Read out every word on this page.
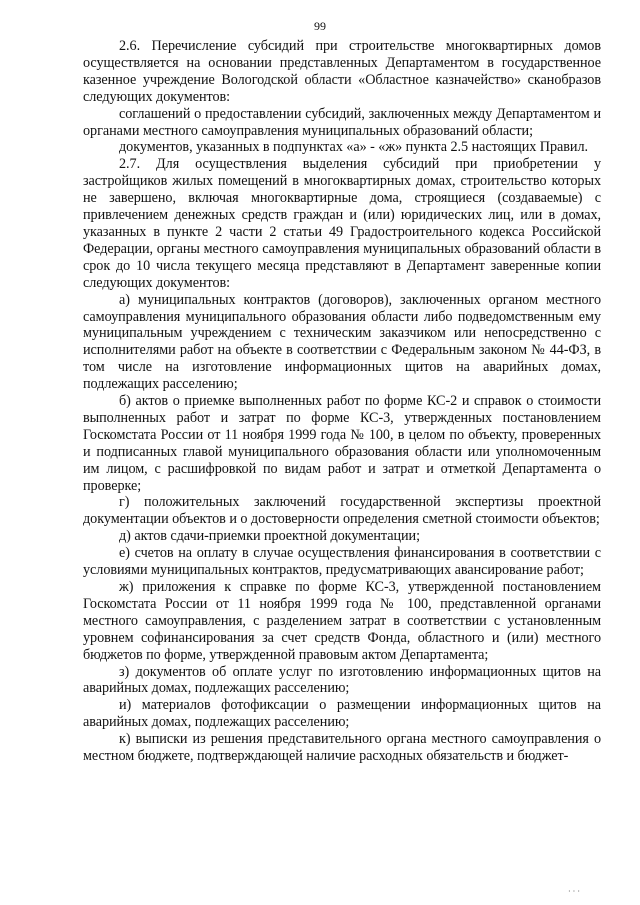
99

2.6. Перечисление субсидий при строительстве многоквартирных домов осуществляется на основании представленных Департаментом в государственное казенное учреждение Вологодской области «Областное казначейство» сканобразов следующих документов:

соглашений о предоставлении субсидий, заключенных между Департаментом и органами местного самоуправления муниципальных образований области;

документов, указанных в подпунктах «а» - «ж» пункта 2.5 настоящих Правил.

2.7. Для осуществления выделения субсидий при приобретении у застройщиков жилых помещений в многоквартирных домах, строительство которых не завершено, включая многоквартирные дома, строящиеся (создаваемые) с привлечением денежных средств граждан и (или) юридических лиц, или в домах, указанных в пункте 2 части 2 статьи 49 Градостроительного кодекса Российской Федерации, органы местного самоуправления муниципальных образований области в срок до 10 числа текущего месяца представляют в Департамент заверенные копии следующих документов:

а) муниципальных контрактов (договоров), заключенных органом местного самоуправления муниципального образования области либо подведомственным ему муниципальным учреждением с техническим заказчиком или непосредственно с исполнителями работ на объекте в соответствии с Федеральным законом № 44-ФЗ, в том числе на изготовление информационных щитов на аварийных домах, подлежащих расселению;

б) актов о приемке выполненных работ по форме КС-2 и справок о стоимости выполненных работ и затрат по форме КС-3, утвержденных постановлением Госкомстата России от 11 ноября 1999 года № 100, в целом по объекту, проверенных и подписанных главой муниципального образования области или уполномоченным им лицом, с расшифровкой по видам работ и затрат и отметкой Департамента о проверке;

г) положительных заключений государственной экспертизы проектной документации объектов и о достоверности определения сметной стоимости объектов;

д) актов сдачи-приемки проектной документации;

е) счетов на оплату в случае осуществления финансирования в соответствии с условиями муниципальных контрактов, предусматривающих авансирование работ;

ж) приложения к справке по форме КС-3, утвержденной постановлением Госкомстата России от 11 ноября 1999 года № 100, представленной органами местного самоуправления, с разделением затрат в соответствии с установленным уровнем софинансирования за счет средств Фонда, областного и (или) местного бюджетов по форме, утвержденной правовым актом Департамента;

з) документов об оплате услуг по изготовлению информационных щитов на аварийных домах, подлежащих расселению;

и) материалов фотофиксации о размещении информационных щитов на аварийных домах, подлежащих расселению;

к) выписки из решения представительного органа местного самоуправления о местном бюджете, подтверждающей наличие расходных обязательств и бюджет-

· · ·
